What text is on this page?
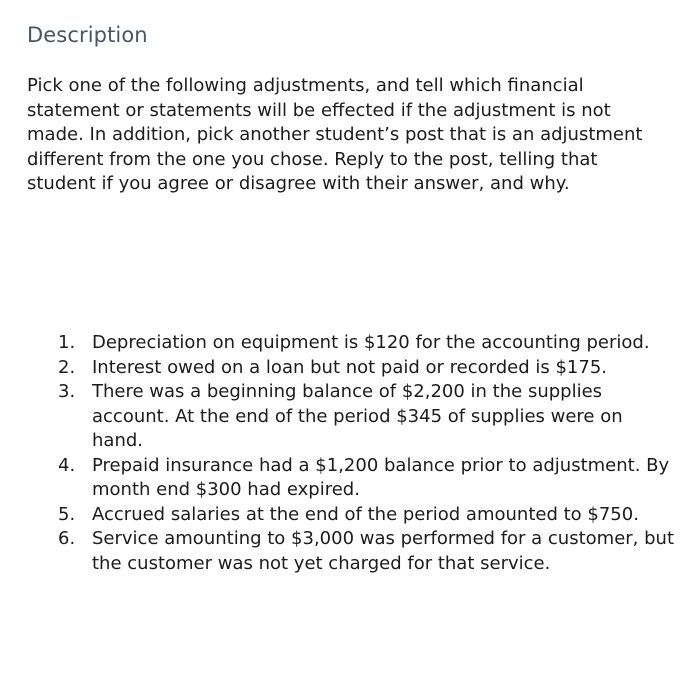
Description

Pick one of the following adjustments, and tell which financial statement or statements will be effected if the adjustment is not made. In addition, pick another student’s post that is an adjustment different from the one you chose. Reply to the post, telling that student if you agree or disagree with their answer, and why.

1. Depreciation on equipment is $120 for the accounting period.
2. Interest owed on a loan but not paid or recorded is $175.
3. There was a beginning balance of $2,200 in the supplies account. At the end of the period $345 of supplies were on hand.
4. Prepaid insurance had a $1,200 balance prior to adjustment. By month end $300 had expired.
5. Accrued salaries at the end of the period amounted to $750.
6. Service amounting to $3,000 was performed for a customer, but the customer was not yet charged for that service.
